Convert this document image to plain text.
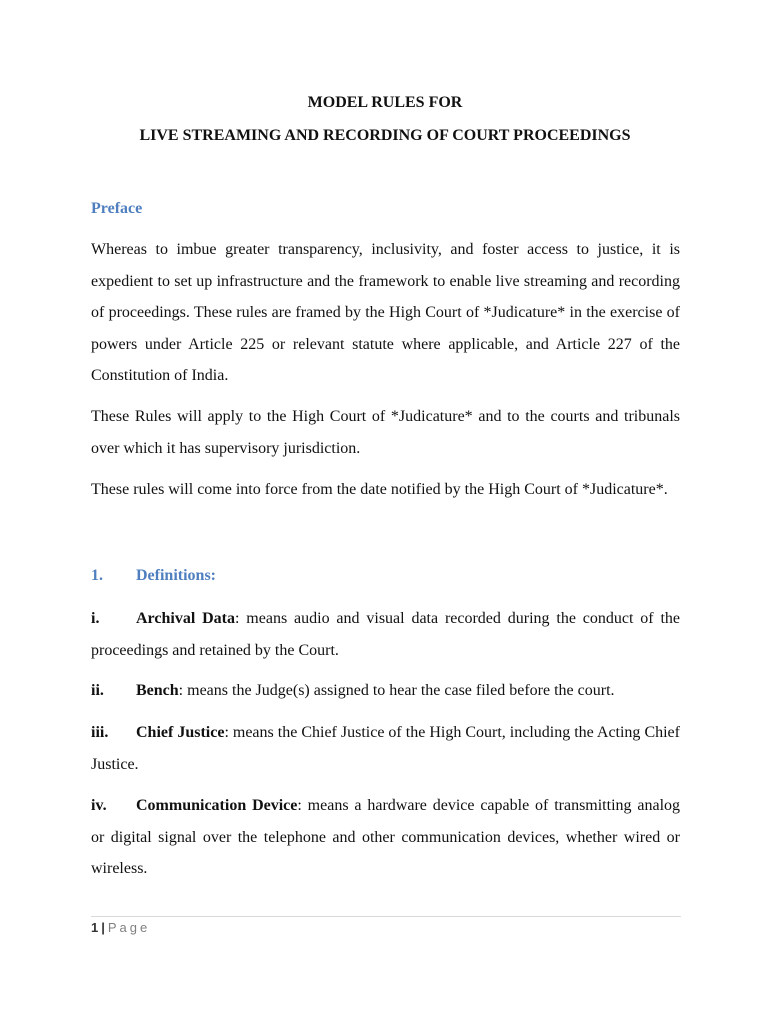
MODEL RULES FOR
LIVE STREAMING AND RECORDING OF COURT PROCEEDINGS
Preface

Whereas to imbue greater transparency, inclusivity, and foster access to justice, it is expedient to set up infrastructure and the framework to enable live streaming and recording of proceedings. These rules are framed by the High Court of *Judicature* in the exercise of powers under Article 225 or relevant statute where applicable, and Article 227 of the Constitution of India.

These Rules will apply to the High Court of *Judicature* and to the courts and tribunals over which it has supervisory jurisdiction.

These rules will come into force from the date notified by the High Court of *Judicature*.

1. Definitions:

i. Archival Data: means audio and visual data recorded during the conduct of the proceedings and retained by the Court.

ii. Bench: means the Judge(s) assigned to hear the case filed before the court.

iii. Chief Justice: means the Chief Justice of the High Court, including the Acting Chief Justice.

iv. Communication Device: means a hardware device capable of transmitting analog or digital signal over the telephone and other communication devices, whether wired or wireless.

1 | Page
